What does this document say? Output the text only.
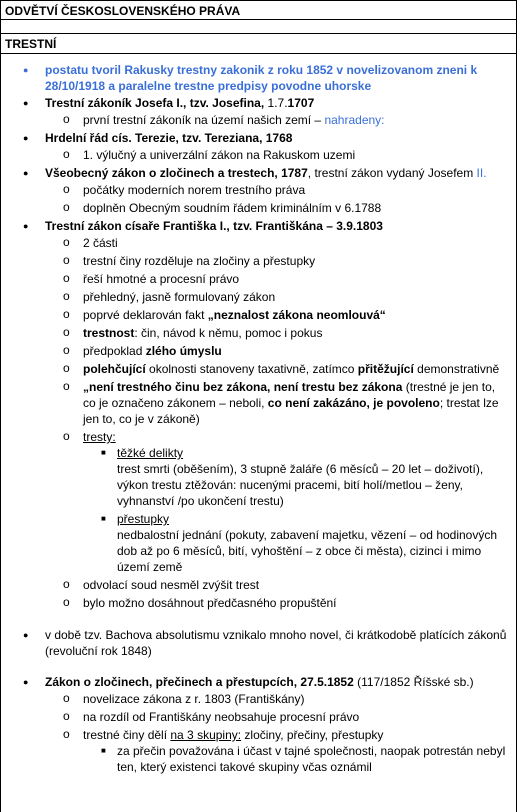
ODVĚTVÍ ČESKOSLOVENSKÉHO PRÁVA
TRESTNÍ
● postatu tvoril Rakusky trestny zakonik z roku 1852 v novelizovanom zneni k 28/10/1918 a paralelne trestne predpisy povodne uhorske
● Trestní zákoník Josefa I., tzv. Josefina, 1.7.1707
o první trestní zákoník na území našich zemí – nahradeny:
● Hrdelní řád cís. Terezie, tzv. Tereziana, 1768
o 1. výlučný a univerzální zákon na Rakuskom uzemi
● Všeobecný zákon o zločinech a trestech, 1787, trestní zákon vydaný Josefem II.
o počátky moderních norem trestního práva
o doplněn Obecným soudním řádem kriminálním v 6.1788
● Trestní zákon císaře Františka I., tzv. Františkána – 3.9.1803
o 2 části
o trestní činy rozděluje na zločiny a přestupky
o řeší hmotné a procesní právo
o přehledný, jasně formulovaný zákon
o poprvé deklarován fakt „neznalost zákona neomlouvá“
o trestnost: čin, návod k němu, pomoc i pokus
o předpoklad zlého úmyslu
o polehčující okolnosti stanoveny taxativně, zatímco přitěžující demonstrativně
o „není trestného činu bez zákona, není trestu bez zákona (trestné je jen to, co je označeno zákonem – neboli, co není zakázáno, je povoleno; trestat lze jen to, co je v zákoně)
o tresty:
■ těžké delikty
trest smrti (oběšením), 3 stupně žaláře (6 měsíců – 20 let – doživotí), výkon trestu ztěžován: nucenými pracemi, bití holí/metlou – ženy, vyhnanství /po ukončení trestu)
■ přestupky
nedbalostní jednání (pokuty, zabavení majetku, vězení – od hodinových dob až po 6 měsíců, bití, vyhoštění – z obce či města), cizinci i mimo území země
o odvolací soud nesměl zvýšit trest
o bylo možno dosáhnout předčasného propuštění
● v době tzv. Bachova absolutismu vznikalo mnoho novel, či krátkodobě platících zákonů (revoluční rok 1848)
● Zákon o zločinech, přečinech a přestupcích, 27.5.1852 (117/1852 Říšské sb.)
o novelizace zákona z r. 1803 (Františkány)
o na rozdíl od Františkány neobsahuje procesní právo
o trestné činy dělí na 3 skupiny: zločiny, přečiny, přestupky
■ za přečin považována i účast v tajné společnosti, naopak potrestán nebyl ten, který existenci takové skupiny včas oznámil
